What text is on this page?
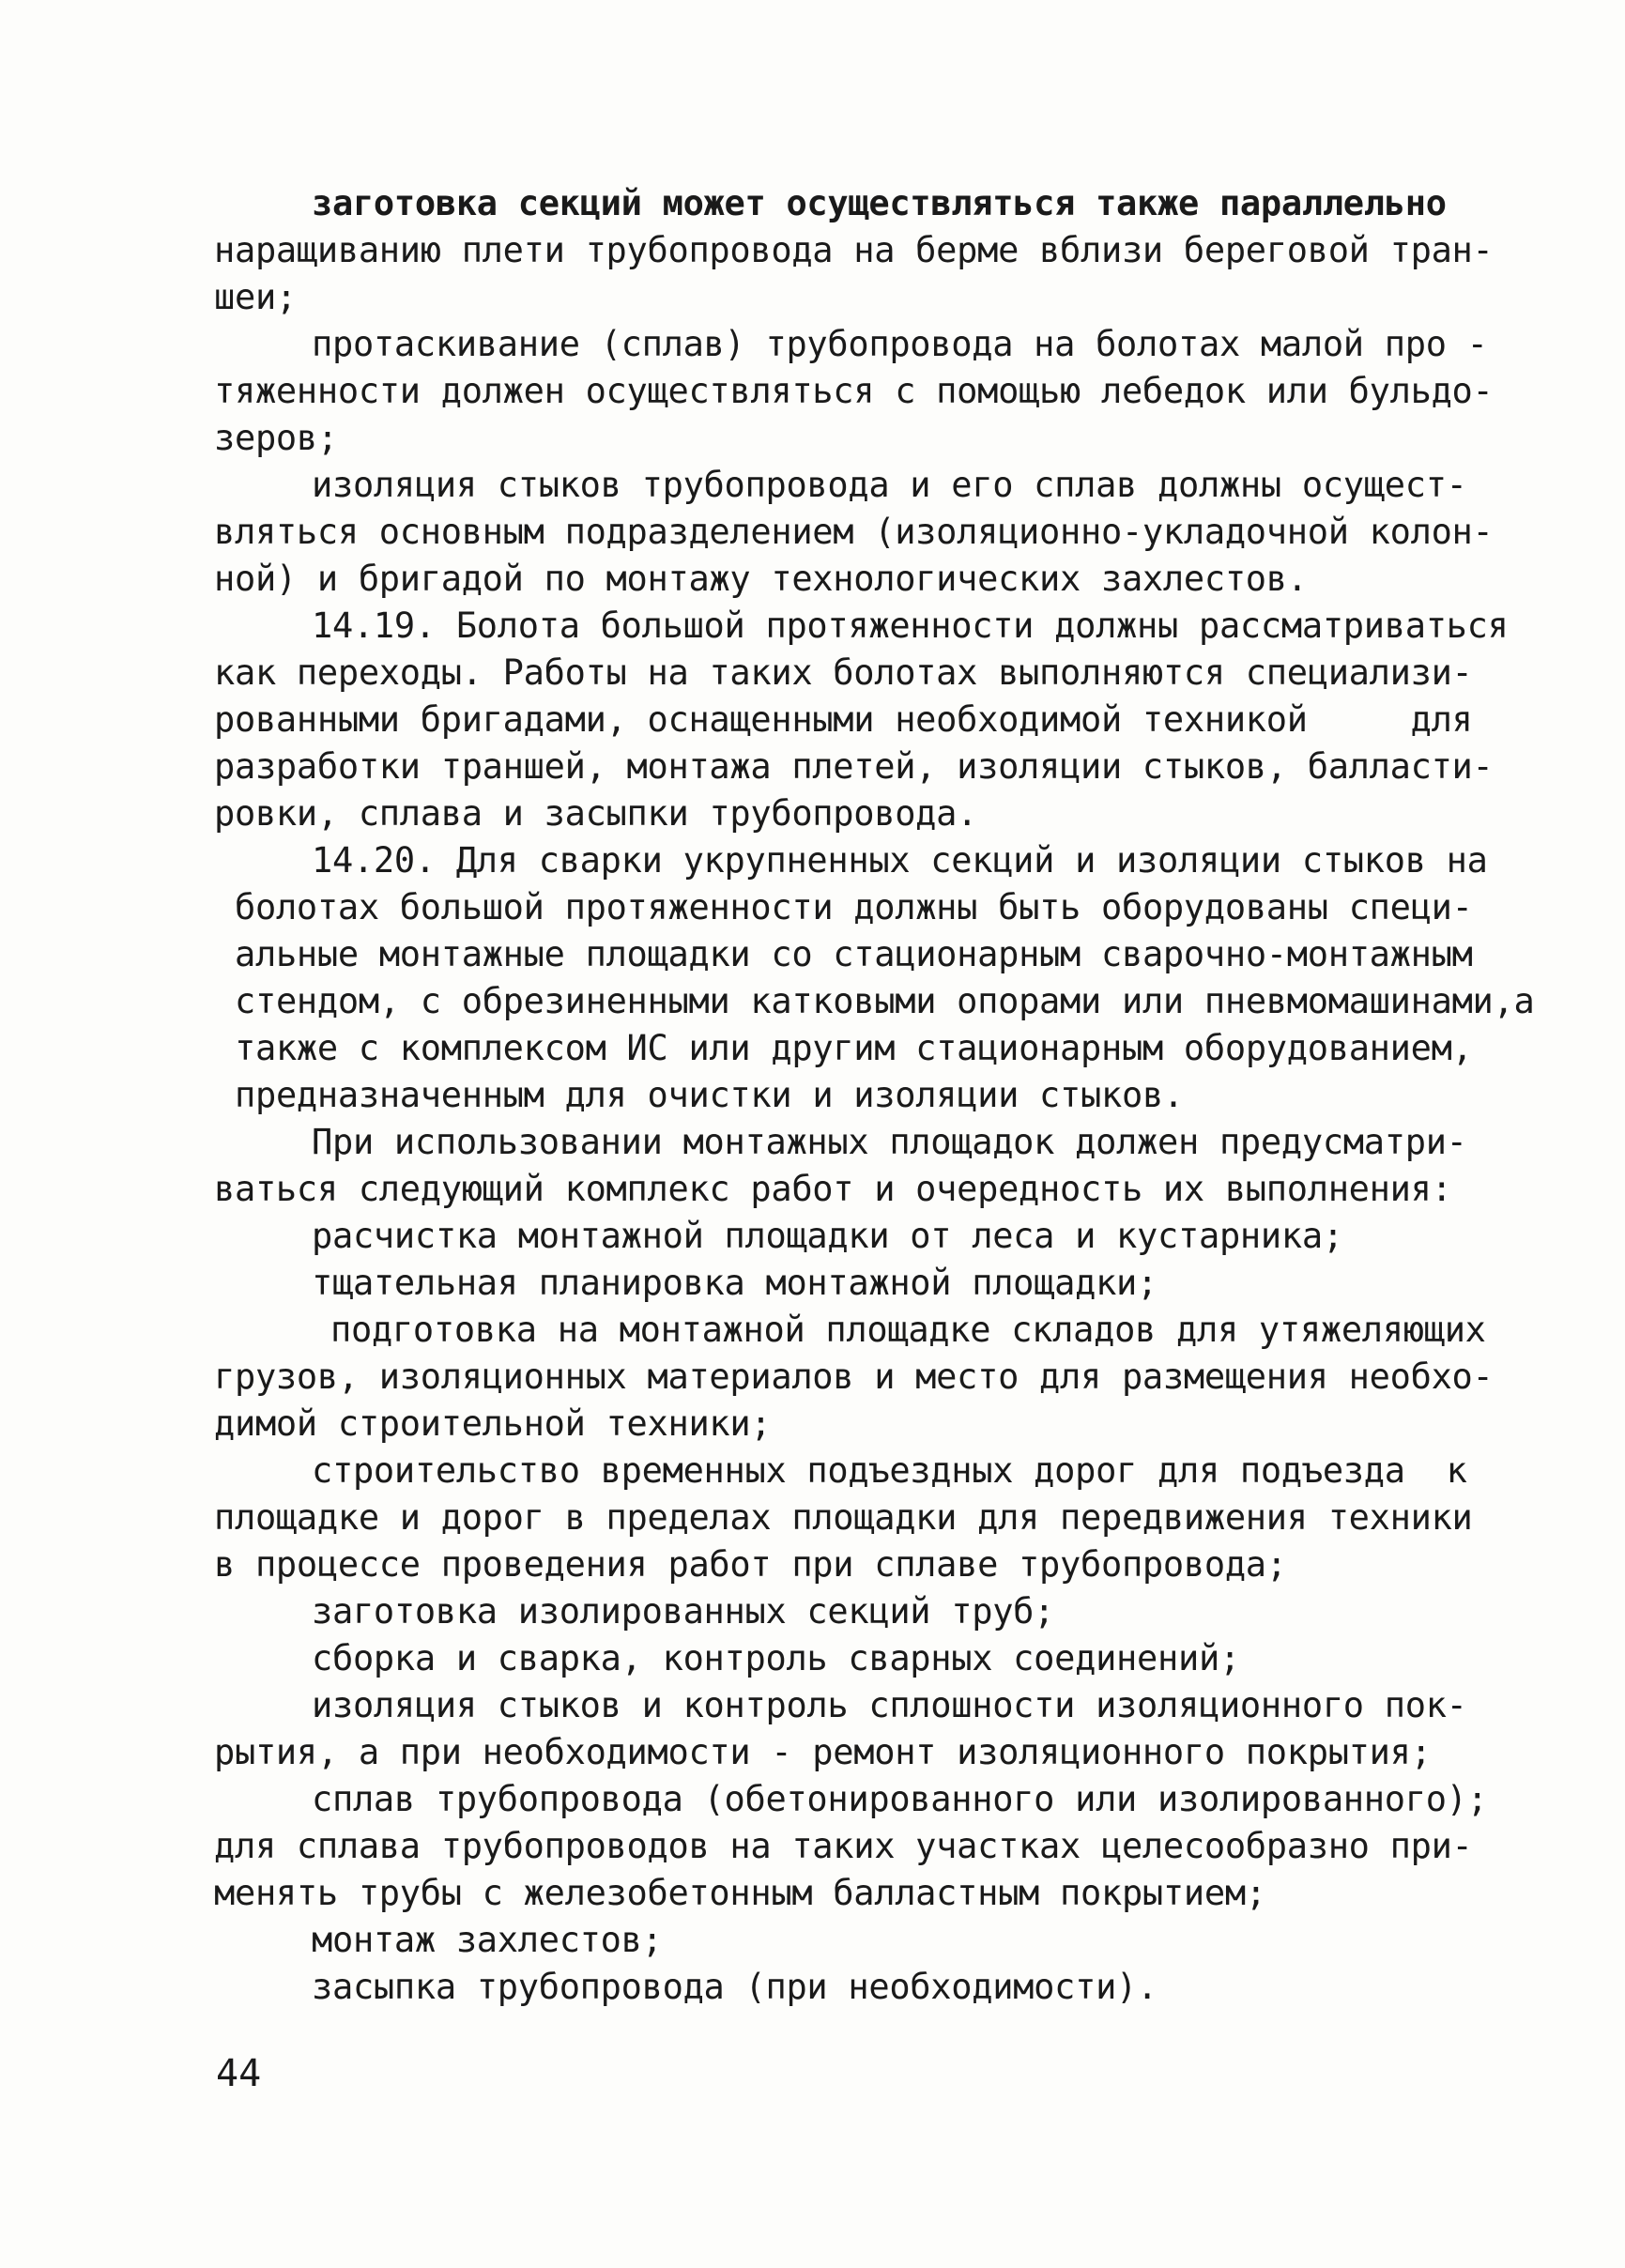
заготовка секций может осуществляться также параллельно
наращиванию плети трубопровода на берме вблизи береговой тран-
шеи;
протаскивание (сплав) трубопровода на болотах малой про -
тяженности должен осуществляться с помощью лебедок или бульдо-
зеров;
изоляция стыков трубопровода и его сплав должны осущест-
вляться основным подразделением (изоляционно-укладочной колон-
ной) и бригадой по монтажу технологических захлестов.
14.19. Болота большой протяженности должны рассматриваться
как переходы. Работы на таких болотах выполняются специализи-
рованными бригадами, оснащенными необходимой техникой     для
разработки траншей, монтажа плетей, изоляции стыков, балласти-
ровки, сплава и засыпки трубопровода.
14.20. Для сварки укрупненных секций и изоляции стыков на
болотах большой протяженности должны быть оборудованы специ-
альные монтажные площадки со стационарным сварочно-монтажным
стендом, с обрезиненными катковыми опорами или пневмомашинами,а
также с комплексом ИС или другим стационарным оборудованием,
предназначенным для очистки и изоляции стыков.
При использовании монтажных площадок должен предусматри-
ваться следующий комплекс работ и очередность их выполнения:
расчистка монтажной площадки от леса и кустарника;
тщательная планировка монтажной площадки;
подготовка на монтажной площадке складов для утяжеляющих
грузов, изоляционных материалов и место для размещения необхо-
димой строительной техники;
строительство временных подъездных дорог для подъезда  к
площадке и дорог в пределах площадки для передвижения техники
в процессе проведения работ при сплаве трубопровода;
заготовка изолированных секций труб;
сборка и сварка, контроль сварных соединений;
изоляция стыков и контроль сплошности изоляционного пок-
рытия, а при необходимости - ремонт изоляционного покрытия;
сплав трубопровода (обетонированного или изолированного);
для сплава трубопроводов на таких участках целесообразно при-
менять трубы с железобетонным балластным покрытием;
монтаж захлестов;
засыпка трубопровода (при необходимости).
44
